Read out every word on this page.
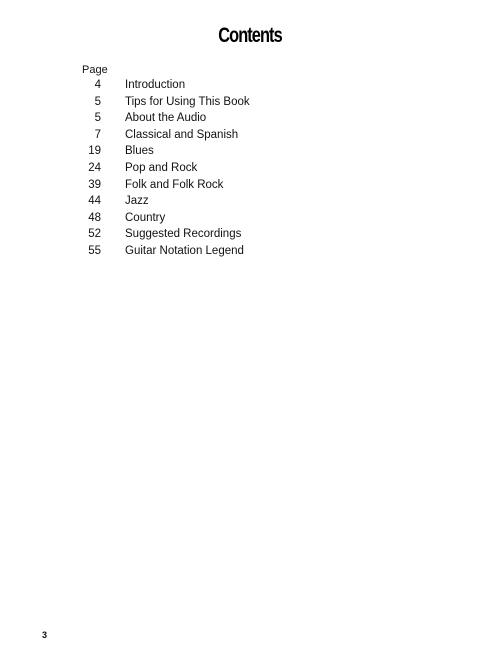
Contents
Page
4 Introduction
5 Tips for Using This Book
5 About the Audio
7 Classical and Spanish
19 Blues
24 Pop and Rock
39 Folk and Folk Rock
44 Jazz
48 Country
52 Suggested Recordings
55 Guitar Notation Legend
3
